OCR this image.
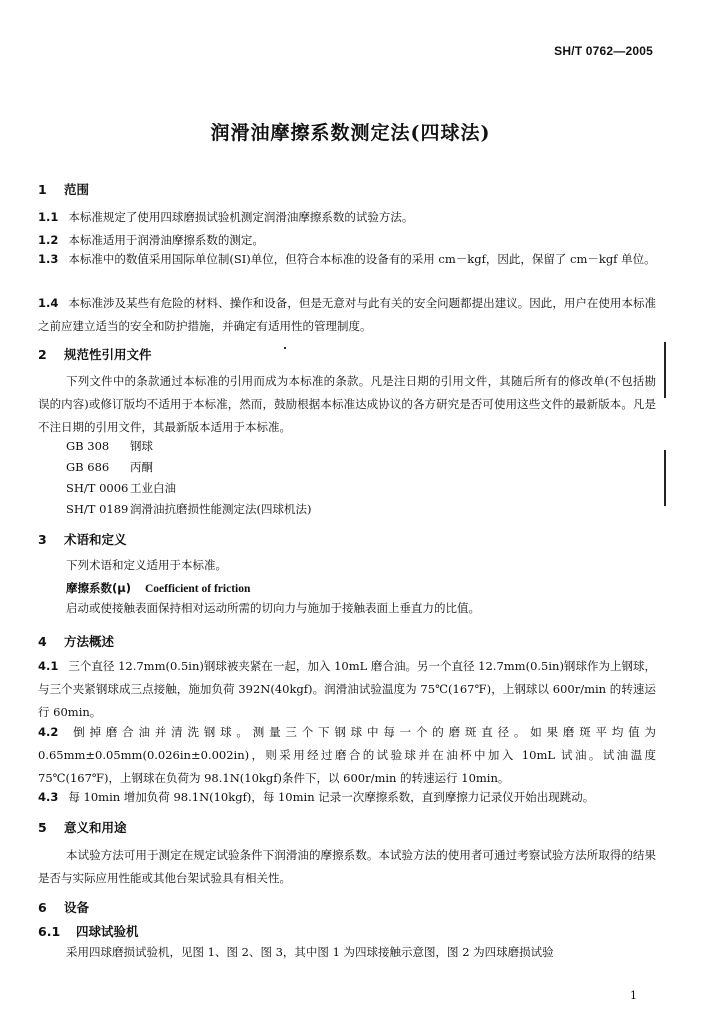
SH/T 0762—2005
润滑油摩擦系数测定法(四球法)
1 范围
1.1 本标准规定了使用四球磨损试验机测定润滑油摩擦系数的试验方法。
1.2 本标准适用于润滑油摩擦系数的测定。
1.3 本标准中的数值采用国际单位制(SI)单位，但符合本标准的设备有的采用 cm－kgf，因此，保留了 cm－kgf 单位。
1.4 本标准涉及某些有危险的材料、操作和设备，但是无意对与此有关的安全问题都提出建议。因此，用户在使用本标准之前应建立适当的安全和防护措施，并确定有适用性的管理制度。
2 规范性引用文件
下列文件中的条款通过本标准的引用而成为本标准的条款。凡是注日期的引用文件，其随后所有的修改单(不包括勘误的内容)或修订版均不适用于本标准，然而，鼓励根据本标准达成协议的各方研究是否可使用这些文件的最新版本。凡是不注日期的引用文件，其最新版本适用于本标准。
GB 308 钢球
GB 686 丙酮
SH/T 0006 工业白油
SH/T 0189 润滑油抗磨损性能测定法(四球机法)
3 术语和定义
下列术语和定义适用于本标准。
摩擦系数(μ) Coefficient of friction
启动或使接触表面保持相对运动所需的切向力与施加于接触表面上垂直力的比值。
4 方法概述
4.1 三个直径 12.7mm(0.5in)钢球被夹紧在一起，加入 10mL 磨合油。另一个直径 12.7mm(0.5in)钢球作为上钢球，与三个夹紧钢球成三点接触，施加负荷 392N(40kgf)。润滑油试验温度为 75℃(167℉)，上钢球以 600r/min 的转速运行 60min。
4.2 倒掉磨合油并清洗钢球。测量三个下钢球中每一个的磨斑直径。如果磨斑平均值为 0.65mm±0.05mm(0.026in±0.002in)，则采用经过磨合的试验球并在油杯中加入 10mL 试油。试油温度 75℃(167℉)，上钢球在负荷为 98.1N(10kgf)条件下，以 600r/min 的转速运行 10min。
4.3 每 10min 增加负荷 98.1N(10kgf)，每 10min 记录一次摩擦系数，直到摩擦力记录仪开始出现跳动。
5 意义和用途
本试验方法可用于测定在规定试验条件下润滑油的摩擦系数。本试验方法的使用者可通过考察试验方法所取得的结果是否与实际应用性能或其他台架试验具有相关性。
6 设备
6.1 四球试验机
采用四球磨损试验机，见图 1、图 2、图 3，其中图 1 为四球接触示意图，图 2 为四球磨损试验
1
